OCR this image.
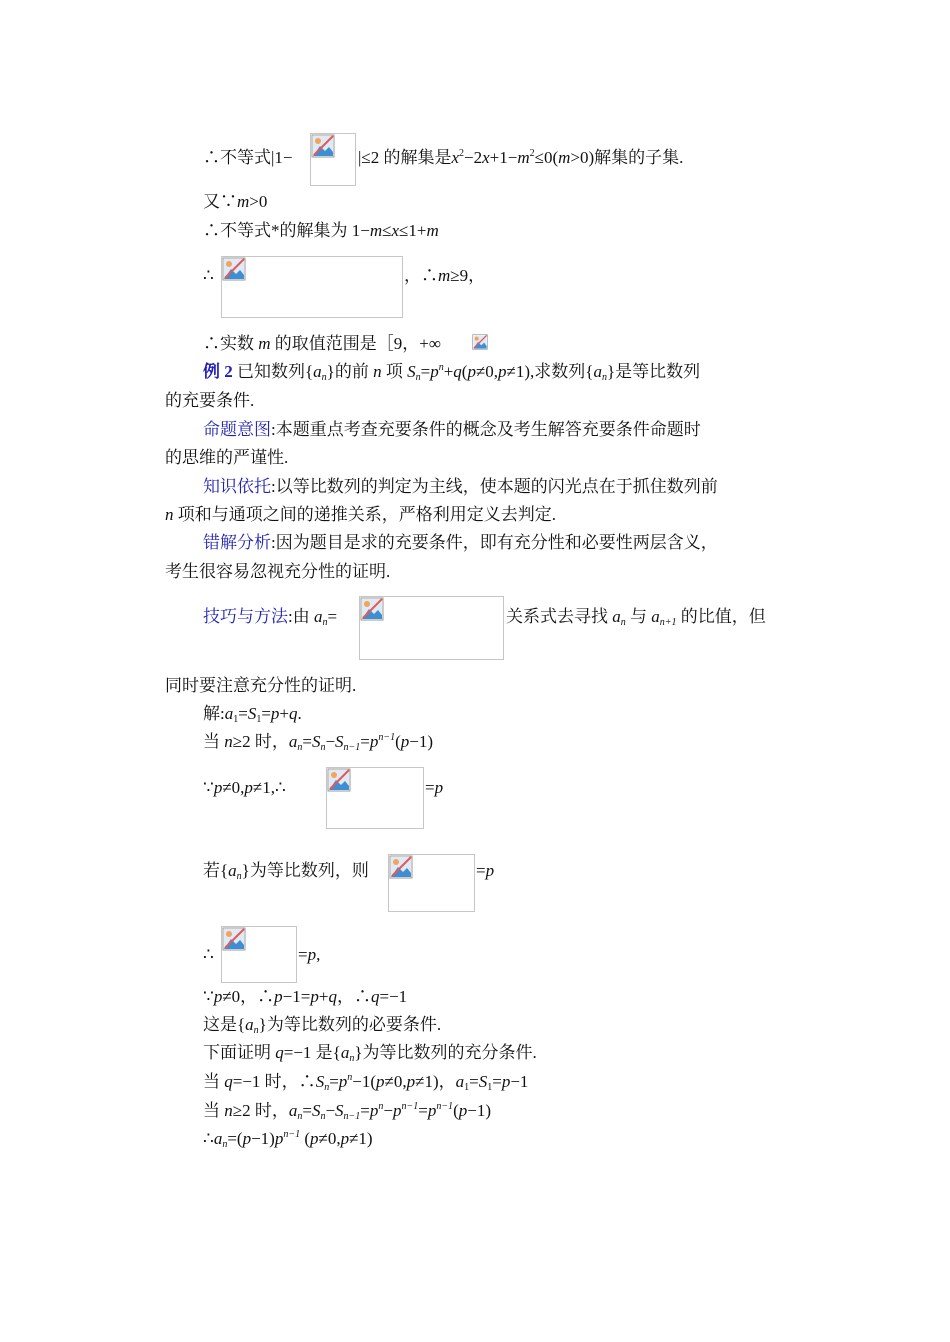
∴不等式|1−	|≤2 的解集是$x^2-2x+1-m^2\le 0(m>0)$解集的子集.
又∵m>0
∴不等式*的解集为 1−m≤x≤1+m
∴	，∴m≥9，
∴实数 m 的取值范围是［9，+∞
例 2 已知数列$\{a_n\}$的前 n 项 $S_n=p^n+q(p\ne 0,p\ne 1)$,求数列$\{a_n\}$是等比数列
的充要条件.
命题意图:本题重点考查充要条件的概念及考生解答充要条件命题时
的思维的严谨性.
知识依托:以等比数列的判定为主线，使本题的闪光点在于抓住数列前
n 项和与通项之间的递推关系，严格利用定义去判定.
错解分析:因为题目是求的充要条件，即有充分性和必要性两层含义，
考生很容易忽视充分性的证明.
技巧与方法:由 $a_n=$	关系式去寻找 $a_n$ 与 $a_{n+1}$ 的比值，但
同时要注意充分性的证明.
解$:a_1=S_1=p+q$.
当 n≥2 时，$a_n=S_n-S_{n-1}=p^{n-1}(p-1)$
∵p≠0,p≠1,∴	=p
若$\{a_n\}$为等比数列，则	=p
∴	=p,
∵p≠0，∴p−1=p+q，∴q=−1
这是$\{a_n\}$为等比数列的必要条件.
下面证明 q=−1 是$\{a_n\}$为等比数列的充分条件.
当 q=−1 时，$\therefore S_n=p^n-1(p\ne 0,p\ne 1)$，$a_1=S_1=p-1$
当 n≥2 时，$a_n=S_n-S_{n-1}=p^n-p^{n-1}=p^{n-1}(p-1)$
$\therefore a_n=(p-1)p^{n-1}$ (p≠0,p≠1)
